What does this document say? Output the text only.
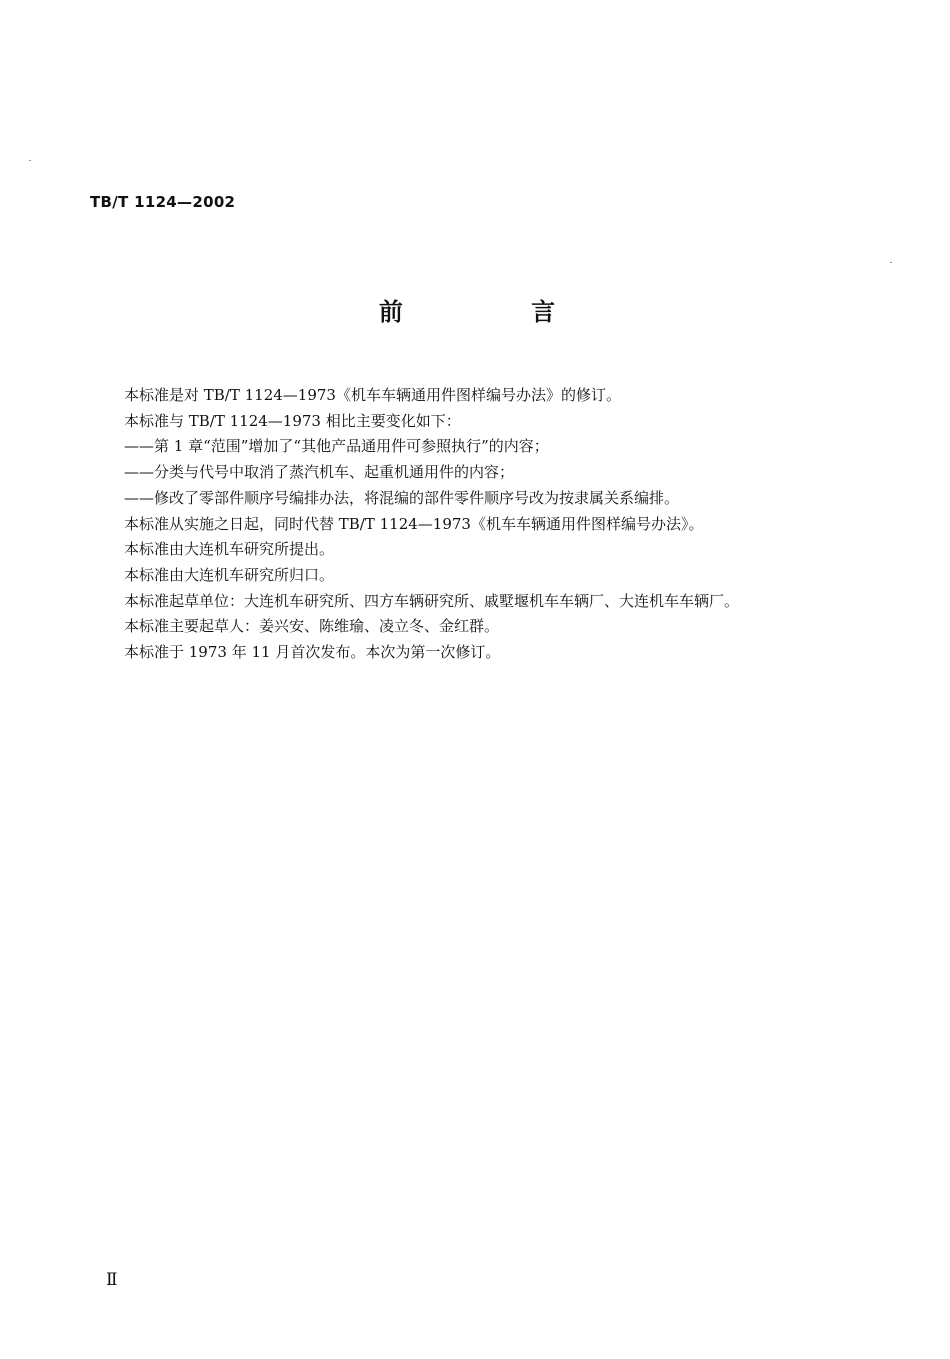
TB/T 1124—2002
前 言

本标准是对 TB/T 1124—1973《机车车辆通用件图样编号办法》的修订。

本标准与 TB/T 1124—1973 相比主要变化如下：

——第 1 章“范围”增加了“其他产品通用件可参照执行”的内容；

——分类与代号中取消了蒸汽机车、起重机通用件的内容；

——修改了零部件顺序号编排办法，将混编的部件零件顺序号改为按隶属关系编排。

本标准从实施之日起，同时代替 TB/T 1124—1973《机车车辆通用件图样编号办法》。

本标准由大连机车研究所提出。

本标准由大连机车研究所归口。

本标准起草单位：大连机车研究所、四方车辆研究所、戚墅堰机车车辆厂、大连机车车辆厂。

本标准主要起草人：姜兴安、陈维瑜、凌立冬、金红群。

本标准于 1973 年 11 月首次发布。本次为第一次修订。

Ⅱ
